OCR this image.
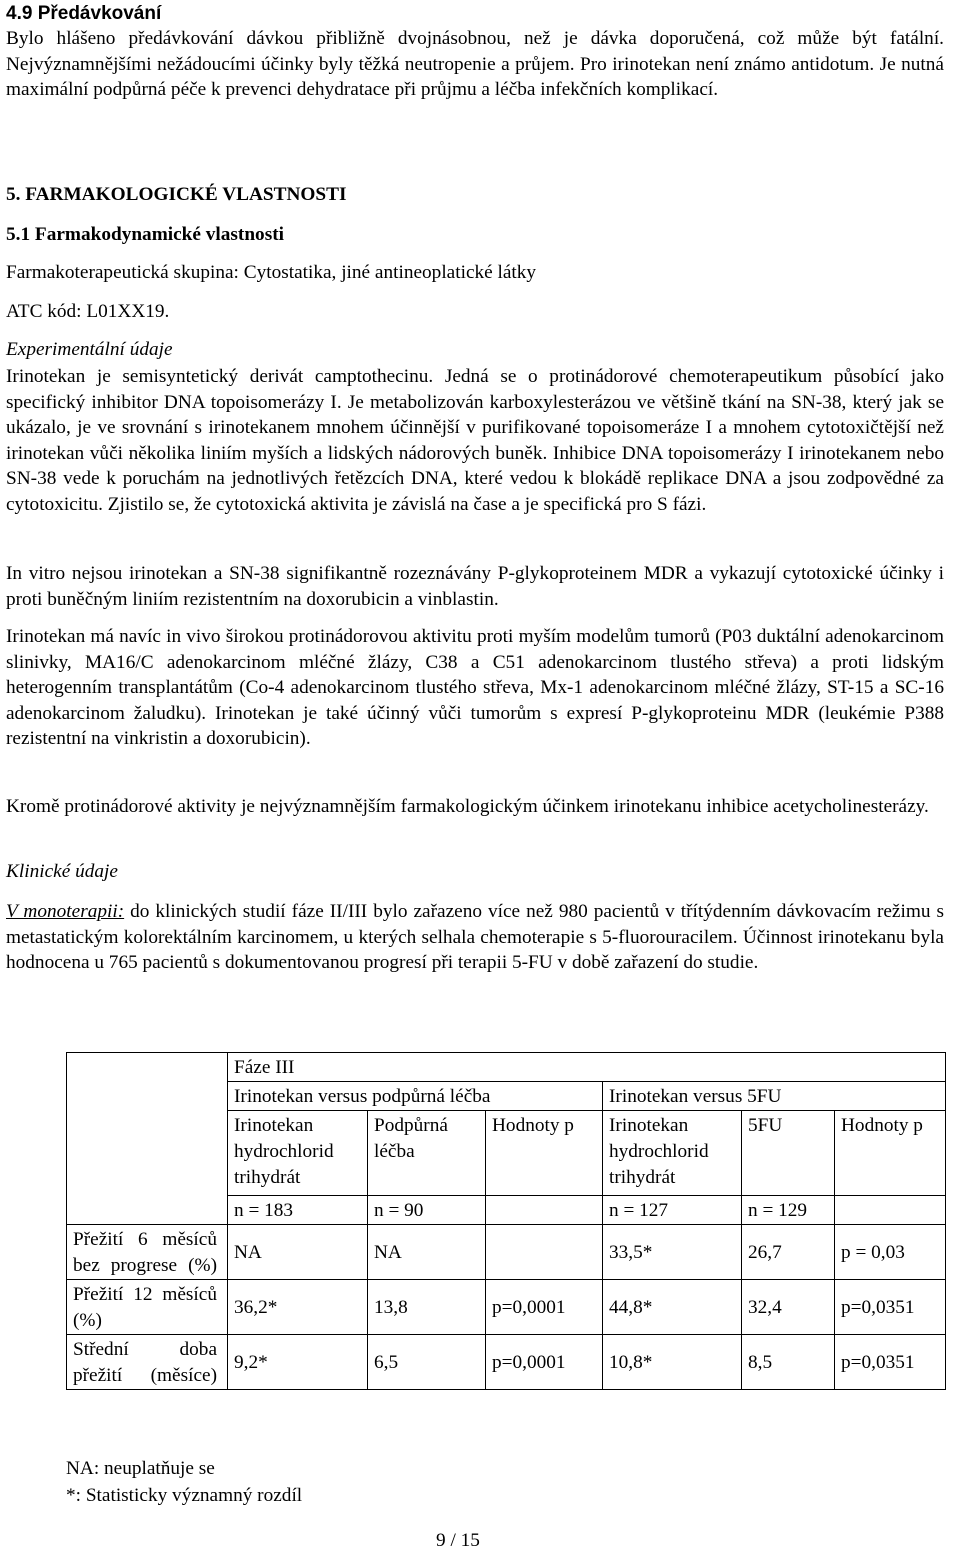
4.9 Předávkování

Bylo hlášeno předávkování dávkou přibližně dvojnásobnou, než je dávka doporučená, což může být fatální. Nejvýznamnějšími nežádoucími účinky byly těžká neutropenie a průjem. Pro irinotekan není známo antidotum. Je nutná maximální podpůrná péče k prevenci dehydratace při průjmu a léčba infekčních komplikací.

5. FARMAKOLOGICKÉ VLASTNOSTI
5.1 Farmakodynamické vlastnosti
Farmakoterapeutická skupina: Cytostatika, jiné antineoplatické látky
ATC kód: L01XX19.
Experimentální údaje

Irinotekan je semisyntetický derivát camptothecinu. Jedná se o protinádorové chemoterapeutikum působící jako specifický inhibitor DNA topoisomerázy I. Je metabolizován karboxylesterázou ve většině tkání na SN-38, který jak se ukázalo, je ve srovnání s irinotekanem mnohem účinnější v purifikované topoisomeráze I a mnohem cytotoxičtější než irinotekan vůči několika liniím myších a lidských nádorových buněk. Inhibice DNA topoisomerázy I irinotekanem nebo SN-38 vede k poruchám na jednotlivých řetězcích DNA, které vedou k blokádě replikace DNA a jsou zodpovědné za cytotoxicitu. Zjistilo se, že cytotoxická aktivita je závislá na čase a je specifická pro S fázi.

In vitro nejsou irinotekan a SN-38 signifikantně rozeznávány P-glykoproteinem MDR a vykazují cytotoxické účinky i proti buněčným liniím rezistentním na doxorubicin a vinblastin.

Irinotekan má navíc in vivo širokou protinádorovou aktivitu proti myším modelům tumorů (P03 duktální adenokarcinom slinivky, MA16/C adenokarcinom mléčné žlázy, C38 a C51 adenokarcinom tlustého střeva) a proti lidským heterogenním transplantátům (Co-4 adenokarcinom tlustého střeva, Mx-1 adenokarcinom mléčné žlázy, ST-15 a SC-16 adenokarcinom žaludku). Irinotekan je také účinný vůči tumorům s expresí P-glykoproteinu MDR (leukémie P388 rezistentní na vinkristin a doxorubicin).

Kromě protinádorové aktivity je nejvýznamnějším farmakologickým účinkem irinotekanu inhibice acetycholinesterázy.

Klinické údaje

V monoterapii: do klinických studií fáze II/III bylo zařazeno více než 980 pacientů v třítýdenním dávkovacím režimu s metastatickým kolorektálním karcinomem, u kterých selhala chemoterapie s 5-fluorouracilem. Účinnost irinotekanu byla hodnocena u 765 pacientů s dokumentovanou progresí při terapii 5-FU v době zařazení do studie.

	Fáze III					
	Irinotekan versus podpůrná léčba			Irinotekan versus 5FU		
	Irinotekan hydrochlorid trihydrát	Podpůrná léčba	Hodnoty p	Irinotekan hydrochlorid trihydrát	5FU	Hodnoty p
	n = 183	n = 90		n = 127	n = 129	
Přežití 6 měsíců bez progrese (%)	NA	NA		33,5*	26,7	p = 0,03
Přežití 12 měsíců (%)	36,2*	13,8	p=0,0001	44,8*	32,4	p=0,0351
Střední doba přežití (měsíce)	9,2*	6,5	p=0,0001	10,8*	8,5	p=0,0351
NA: neuplatňuje se
*: Statisticky významný rozdíl
9 / 15
